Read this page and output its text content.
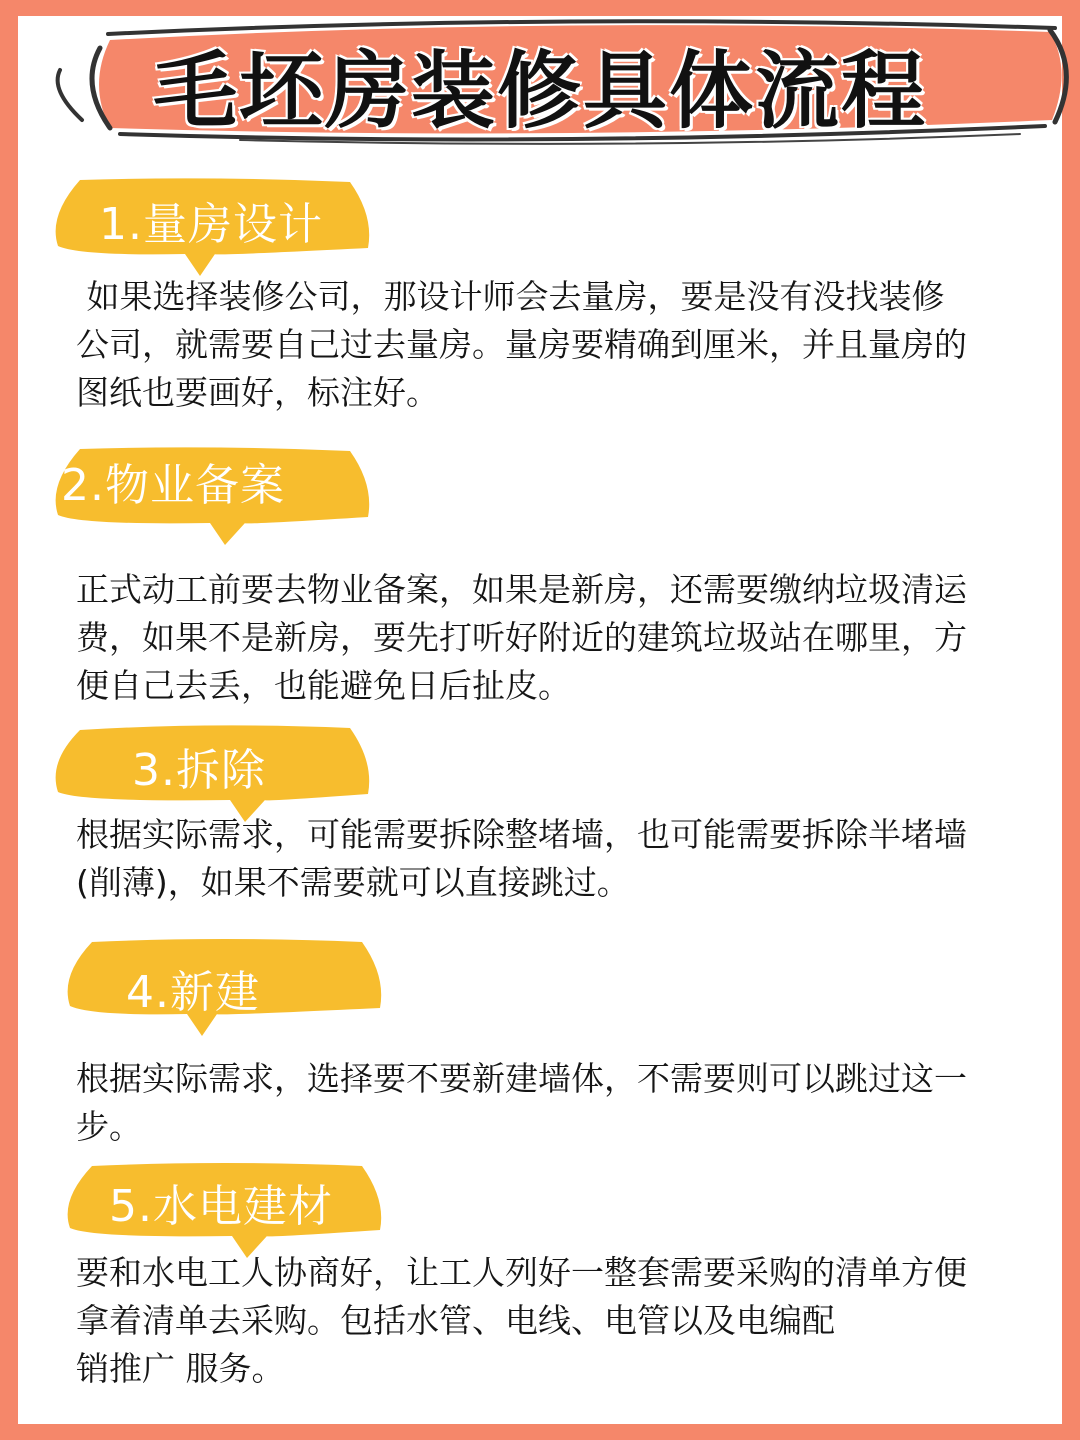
毛坯房装修具体流程
1.量房设计

如果选择装修公司，那设计师会去量房，要是没有没找装修
公司，就需要自己过去量房。量房要精确到厘米，并且量房的
图纸也要画好，标注好。

2.物业备案

正式动工前要去物业备案，如果是新房，还需要缴纳垃圾清运
费，如果不是新房，要先打听好附近的建筑垃圾站在哪里，方
便自己去丢，也能避免日后扯皮。

3.拆除

根据实际需求，可能需要拆除整堵墙，也可能需要拆除半堵墙
(削薄)，如果不需要就可以直接跳过。

4.新建

根据实际需求，选择要不要新建墙体，不需要则可以跳过这一
步。

5.水电建材

要和水电工人协商好，让工人列好一整套需要采购的清单方便
拿着清单去采购。包括水管、电线、电管以及电编配
销推广 服务。
